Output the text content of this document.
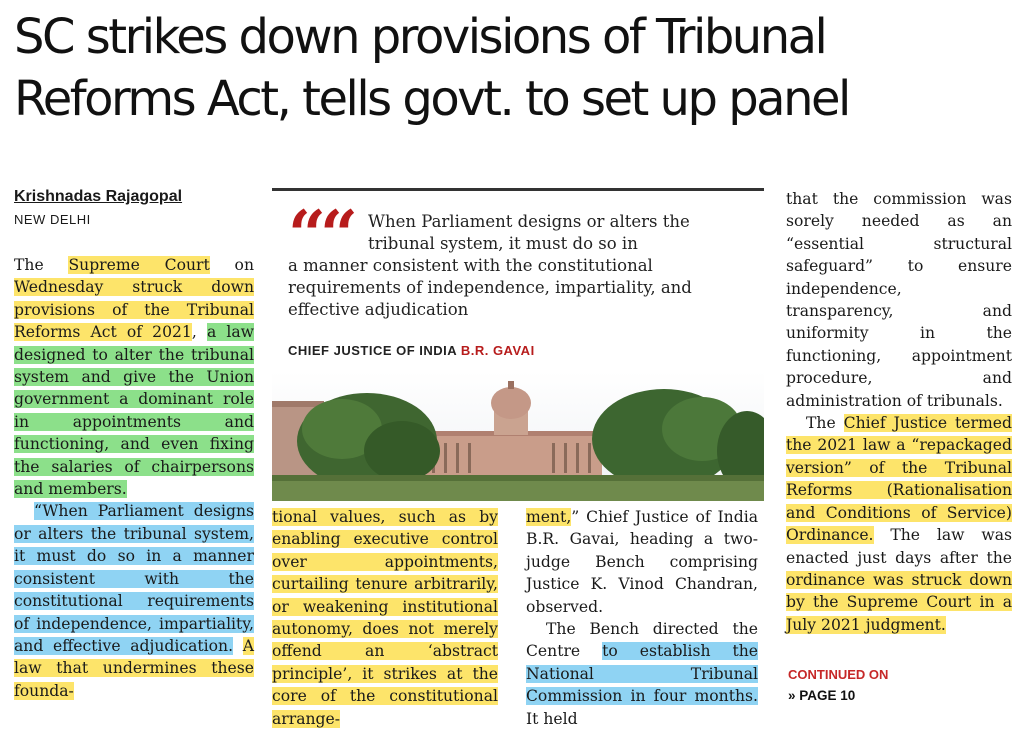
SC strikes down provisions of Tribunal Reforms Act, tells govt. to set up panel
Krishnadas Rajagopal
NEW DELHI

The Supreme Court on Wednesday struck down provisions of the Tribunal Reforms Act of 2021, a law designed to alter the tribunal system and give the Union government a dominant role in appointments and functioning, and even fixing the salaries of chairpersons and members.

“When Parliament designs or alters the tribunal system, it must do so in a manner consistent with the constitutional requirements of independence, impartiality, and effective adjudication. A law that undermines these founda-

““ When Parliament designs or alters the tribunal system, it must do so in
a manner consistent with the constitutional requirements of independence, impartiality, and effective adjudication
CHIEF JUSTICE OF INDIA B.R. GAVAI

tional values, such as by enabling executive control over appointments, curtailing tenure arbitrarily, or weakening institutional autonomy, does not merely offend an ‘abstract principle’, it strikes at the core of the constitutional arrange-

ment,” Chief Justice of India B.R. Gavai, heading a two-judge Bench comprising Justice K. Vinod Chandran, observed.

The Bench directed the Centre to establish the National Tribunal Commission in four months. It held

that the commission was sorely needed as an “essential structural safeguard” to ensure independence, transparency, and uniformity in the functioning, appointment procedure, and administration of tribunals.

The Chief Justice termed the 2021 law a “repackaged version” of the Tribunal Reforms (Rationalisation and Conditions of Service) Ordinance. The law was enacted just days after the ordinance was struck down by the Supreme Court in a July 2021 judgment.

CONTINUED ON
» PAGE 10
